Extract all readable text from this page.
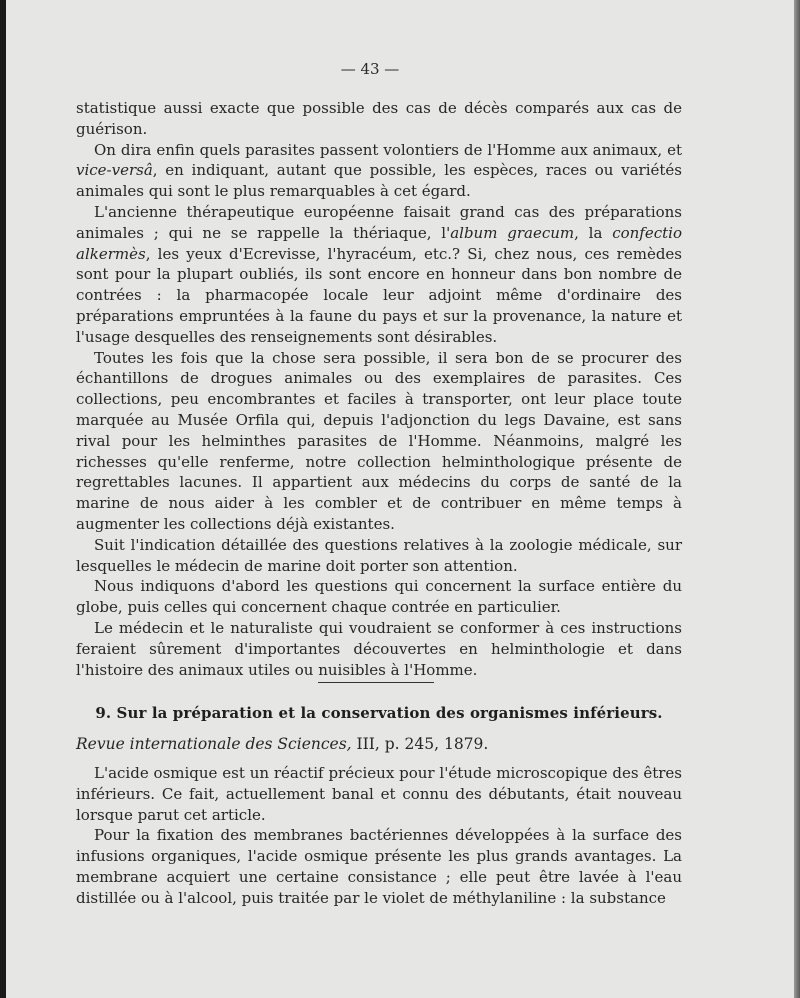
— 43 —

statistique aussi exacte que possible des cas de décès comparés aux cas de guérison.

On dira enfin quels parasites passent volontiers de l'Homme aux animaux, et vice-versâ, en indiquant, autant que possible, les espèces, races ou variétés animales qui sont le plus remarquables à cet égard.

L'ancienne thérapeutique européenne faisait grand cas des préparations animales ; qui ne se rappelle la thériaque, l'album graecum, la confectio alkermès, les yeux d'Ecrevisse, l'hyracéum, etc.? Si, chez nous, ces remèdes sont pour la plupart oubliés, ils sont encore en honneur dans bon nombre de contrées : la pharmacopée locale leur adjoint même d'ordinaire des préparations empruntées à la faune du pays et sur la provenance, la nature et l'usage desquelles des renseignements sont désirables.

Toutes les fois que la chose sera possible, il sera bon de se procurer des échantillons de drogues animales ou des exemplaires de parasites. Ces collections, peu encombrantes et faciles à transporter, ont leur place toute marquée au Musée Orfila qui, depuis l'adjonction du legs Davaine, est sans rival pour les helminthes parasites de l'Homme. Néanmoins, malgré les richesses qu'elle renferme, notre collection helminthologique présente de regrettables lacunes. Il appartient aux médecins du corps de santé de la marine de nous aider à les combler et de contribuer en même temps à augmenter les collections déjà existantes.

Suit l'indication détaillée des questions relatives à la zoologie médicale, sur lesquelles le médecin de marine doit porter son attention.

Nous indiquons d'abord les questions qui concernent la surface entière du globe, puis celles qui concernent chaque contrée en particulier.

Le médecin et le naturaliste qui voudraient se conformer à ces instructions feraient sûrement d'importantes découvertes en helminthologie et dans l'histoire des animaux utiles ou nuisibles à l'Homme.

9. Sur la préparation et la conservation des organismes inférieurs.
Revue internationale des Sciences, III, p. 245, 1879.

L'acide osmique est un réactif précieux pour l'étude microscopique des êtres inférieurs. Ce fait, actuellement banal et connu des débutants, était nouveau lorsque parut cet article.

Pour la fixation des membranes bactériennes développées à la surface des infusions organiques, l'acide osmique présente les plus grands avantages. La membrane acquiert une certaine consistance ; elle peut être lavée à l'eau distillée ou à l'alcool, puis traitée par le violet de méthylaniline : la substance
